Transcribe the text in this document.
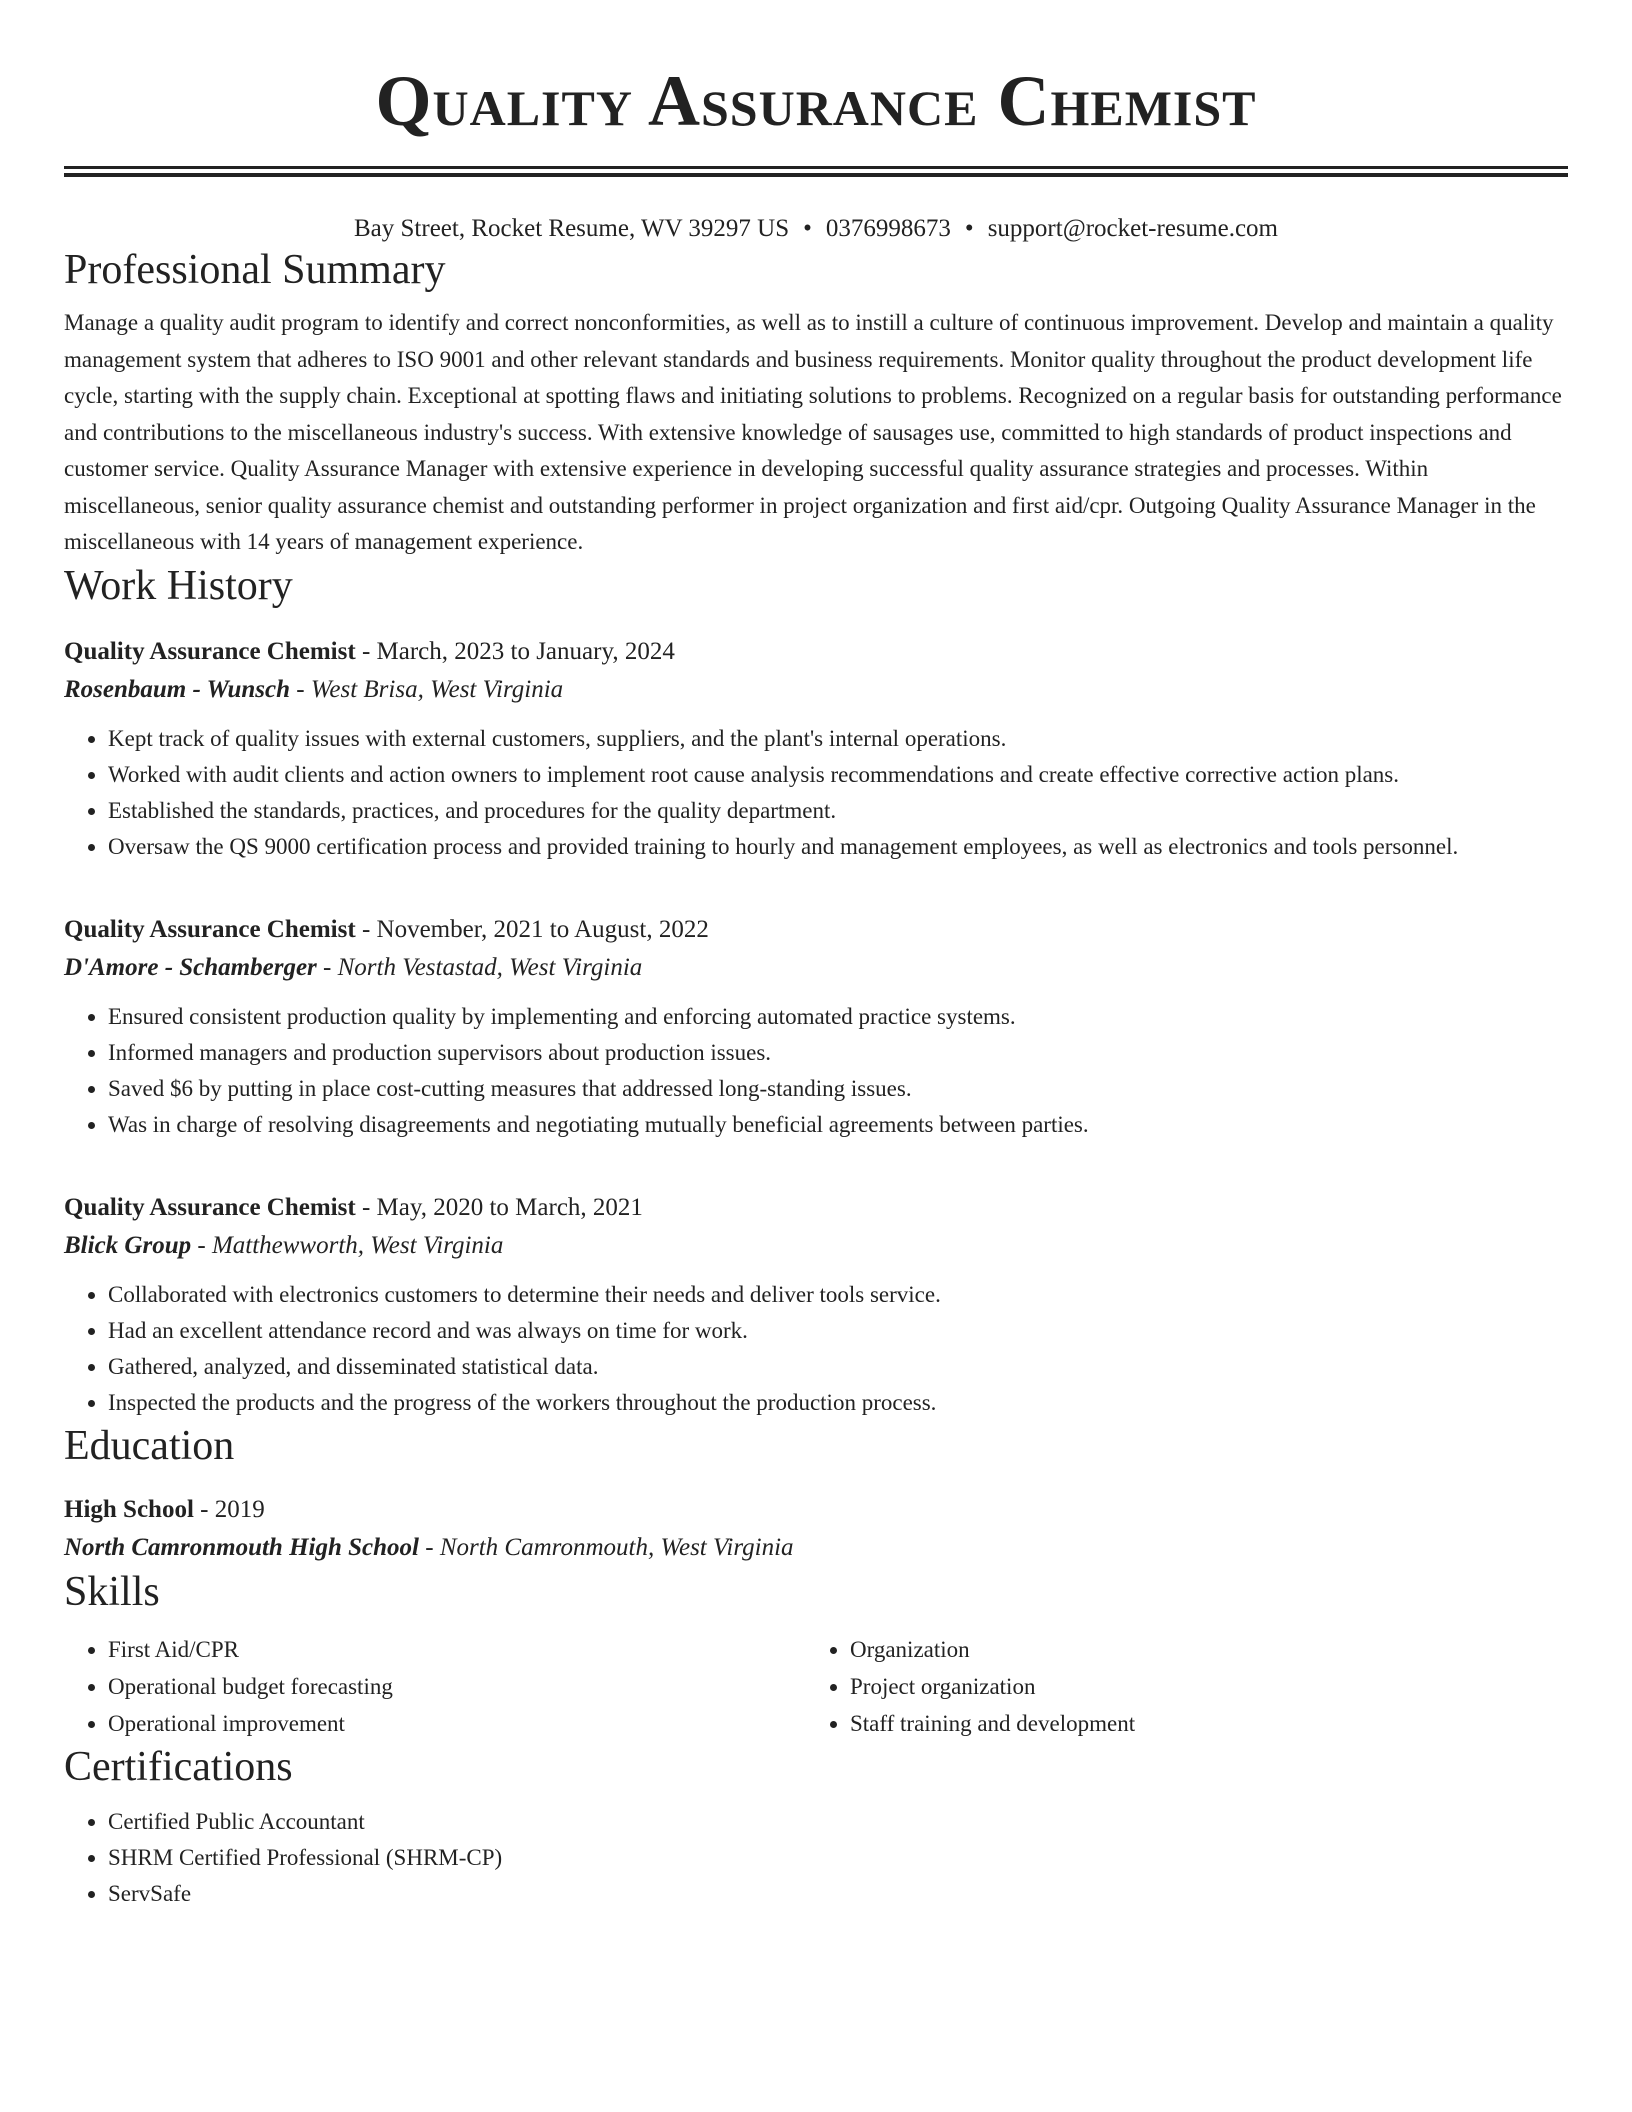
Quality Assurance Chemist
Bay Street, Rocket Resume, WV 39297 US • 0376998673 • support@rocket-resume.com
Professional Summary

Manage a quality audit program to identify and correct nonconformities, as well as to instill a culture of continuous improvement. Develop and maintain a quality management system that adheres to ISO 9001 and other relevant standards and business requirements. Monitor quality throughout the product development life cycle, starting with the supply chain. Exceptional at spotting flaws and initiating solutions to problems. Recognized on a regular basis for outstanding performance and contributions to the miscellaneous industry's success. With extensive knowledge of sausages use, committed to high standards of product inspections and customer service. Quality Assurance Manager with extensive experience in developing successful quality assurance strategies and processes. Within miscellaneous, senior quality assurance chemist and outstanding performer in project organization and first aid/cpr. Outgoing Quality Assurance Manager in the miscellaneous with 14 years of management experience.

Work History
Quality Assurance Chemist - March, 2023 to January, 2024
Rosenbaum - Wunsch - West Brisa, West Virginia
• Kept track of quality issues with external customers, suppliers, and the plant's internal operations.
• Worked with audit clients and action owners to implement root cause analysis recommendations and create effective corrective action plans.
• Established the standards, practices, and procedures for the quality department.
• Oversaw the QS 9000 certification process and provided training to hourly and management employees, as well as electronics and tools personnel.
Quality Assurance Chemist - November, 2021 to August, 2022
D'Amore - Schamberger - North Vestastad, West Virginia
• Ensured consistent production quality by implementing and enforcing automated practice systems.
• Informed managers and production supervisors about production issues.
• Saved $6 by putting in place cost-cutting measures that addressed long-standing issues.
• Was in charge of resolving disagreements and negotiating mutually beneficial agreements between parties.
Quality Assurance Chemist - May, 2020 to March, 2021
Blick Group - Matthewworth, West Virginia
• Collaborated with electronics customers to determine their needs and deliver tools service.
• Had an excellent attendance record and was always on time for work.
• Gathered, analyzed, and disseminated statistical data.
• Inspected the products and the progress of the workers throughout the production process.
Education
High School - 2019
North Camronmouth High School - North Camronmouth, West Virginia
Skills
• First Aid/CPR
• Operational budget forecasting
• Operational improvement
• Organization
• Project organization
• Staff training and development
Certifications
• Certified Public Accountant
• SHRM Certified Professional (SHRM-CP)
• ServSafe
